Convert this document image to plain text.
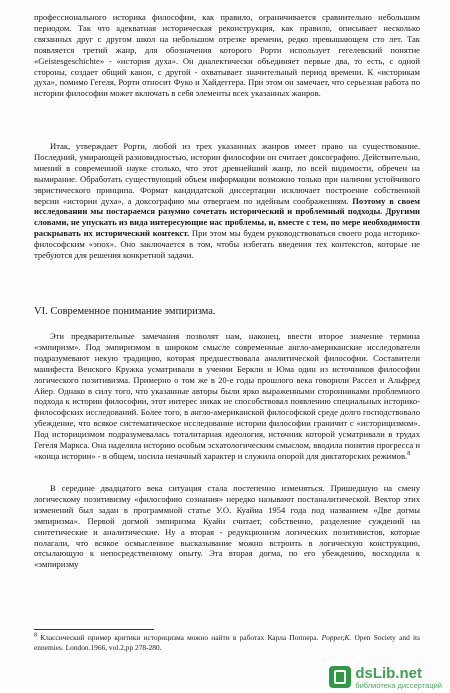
профессионального историка философии, как правило, ограничивается сравнительно небольшим периодом. Так что адекватная историческая реконструкция, как правило, описывает несколько связанных друг с другом школ на небольшом отрезке времени, редко превышающем сто лет. Так появляется третий жанр, для обозначения которого Рорти использует гегелевский понятие «Geistesgeschichte» - «история духа». Он диалектически объединяет первые два, то есть, с одной стороны, создает общий канон, с другой - охватывает значительный период времени. К «историкам духа», помимо Гегеля, Рорти относит Фуко и Хайдеггера. При этом он замечает, что серьезная работа по истории философии может включать в себя элементы всех указанных жанров.

Итак, утверждает Рорти, любой из трех указанных жанров имеет право на существование. Последний, умирающей разновидностью, истории философии он считает доксографию. Действительно, мнений в современной науке столько, что этот древнейший жанр, по всей видимости, обречен на вымирание. Обработать существующий объем информации возможно только при наличии устойчивого эвристического принципа. Формат кандидатской диссертации исключает построение собственной версии «истории духа», а доксографию мы отвергаем по идейным соображениям. Поэтому в своем исследовании мы постараемся разумно сочетать исторический и проблемный подходы. Другими словами, не упускать из вида интересующие нас проблемы, и, вместе с тем, по мере необходимости раскрывать их исторический контекст. При этом мы будем руководствоваться своего рода историко-философским «эпох». Оно заключается в том, чтобы избегать введения тех контекстов, которые не требуются для решения конкретной задачи.

VI. Современное понимание эмпиризма.

Эти предварительные замечания позволят нам, наконец, ввести второе значение термина «эмпиризм». Под эмпиризмом в широком смысле современные англо-американские исследователи подразумевают некую традицию, которая предшествовала аналитической философии. Составители манифеста Венского Кружка усматривали в учении Беркли и Юма один из источников философии логического позитивизма. Примерно о том же в 20-е годы прошлого века говорили Рассел и Альфред Айер. Однако в силу того, что указанные авторы были ярко выраженными сторонниками проблемного подхода к истории философии, этот интерес никак не способствовал появлению специальных историко-философских исследований. Более того, в англо-американской философской среде долго господствовало убеждение, что всякое систематическое исследование истории философии граничит с «историцизмом». Под историцизмом подразумевалась тоталитарная идеология, источник которой усматривали в трудах Гегеля Маркса. Она наделяла историю особым эсхатологическим смыслом, вводила понятия прогресса и «конца истории» - в общем, носила неначный характер и служила опорой для диктаторских режимов.$^8$

В середине двадцатого века ситуация стала постепенно изменяться. Пришедшую на смену логическому позитивизму «философию сознания» нередко называют постаналитической. Вектор этих изменений был задан в программной статье У.О. Куайна 1954 года под названием «Две догмы эмпиризма». Первой догмой эмпиризма Куайн считает, собственно, разделение суждений на синтетические и аналитические. Ну а вторая - редукционизм логических позитивистов, которые полагали, что всякое осмысленное высказывание можно встроить в логическую конструкцию, отсылающую к непосредственному опыту. Эта вторая догма, по его убеждению, восходила к «эмпиризму

$^8$ Классический пример критики историцизма можно найти в работах Карла Поппера. Popper,K. Open Society and its ennemies. London.1966, vol.2,pp 278-280.
dsLib.net
библиотека диссертаций
